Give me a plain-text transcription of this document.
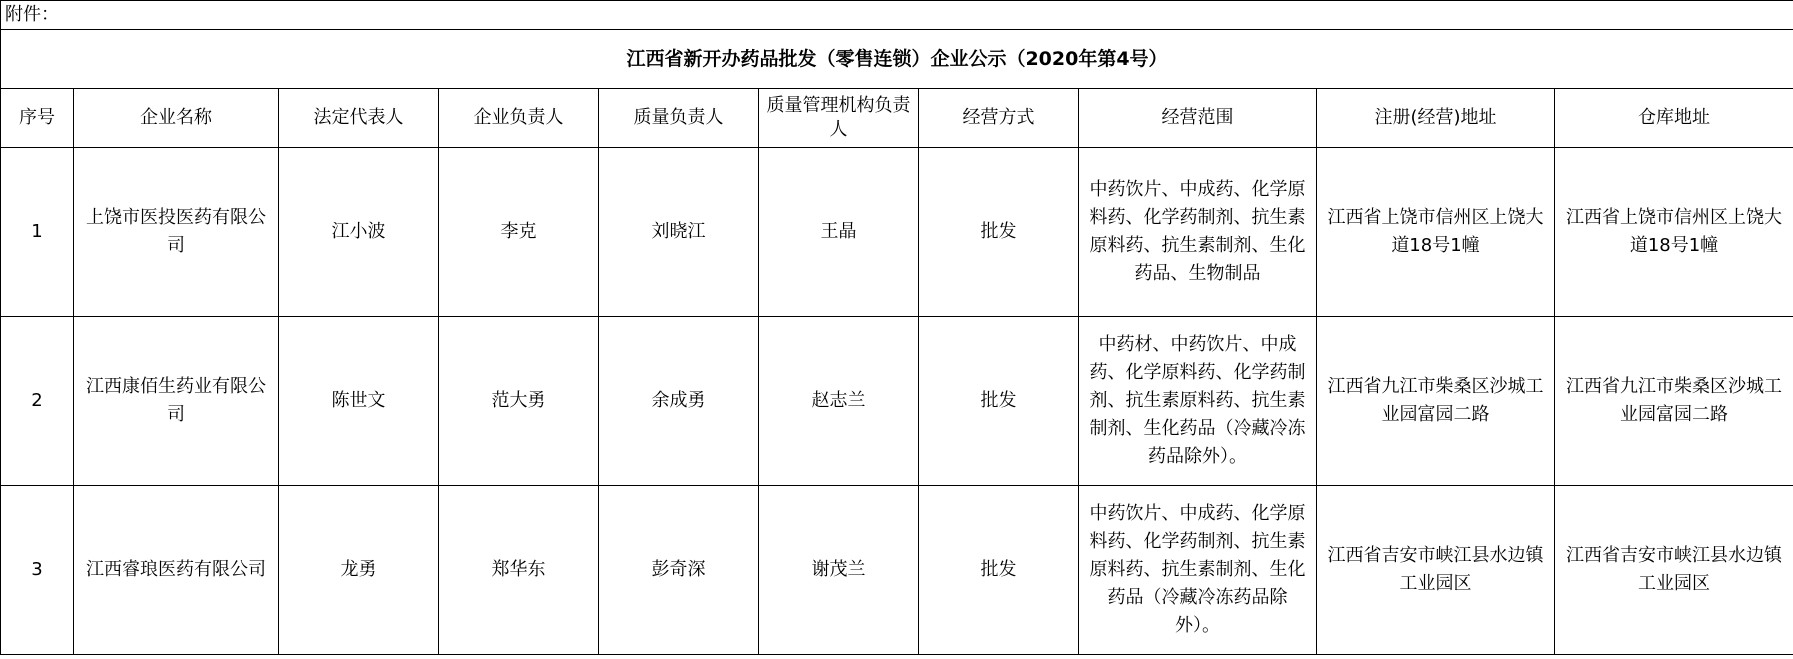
附件：									
江西省新开办药品批发（零售连锁）企业公示（2020年第4号）									
序号	企业名称	法定代表人	企业负责人	质量负责人	质量管理机构负责人	经营方式	经营范围	注册(经营)地址	仓库地址
1	上饶市医投医药有限公司	江小波	李克	刘晓江	王晶	批发	中药饮片、中成药、化学原料药、化学药制剂、抗生素原料药、抗生素制剂、生化药品、生物制品	江西省上饶市信州区上饶大道18号1幢	江西省上饶市信州区上饶大道18号1幢
2	江西康佰生药业有限公司	陈世文	范大勇	余成勇	赵志兰	批发	中药材、中药饮片、中成药、化学原料药、化学药制剂、抗生素原料药、抗生素制剂、生化药品（冷藏冷冻药品除外）。	江西省九江市柴桑区沙城工业园富园二路	江西省九江市柴桑区沙城工业园富园二路
3	江西睿琅医药有限公司	龙勇	郑华东	彭奇深	谢茂兰	批发	中药饮片、中成药、化学原料药、化学药制剂、抗生素原料药、抗生素制剂、生化药品（冷藏冷冻药品除外）。	江西省吉安市峡江县水边镇工业园区	江西省吉安市峡江县水边镇工业园区
